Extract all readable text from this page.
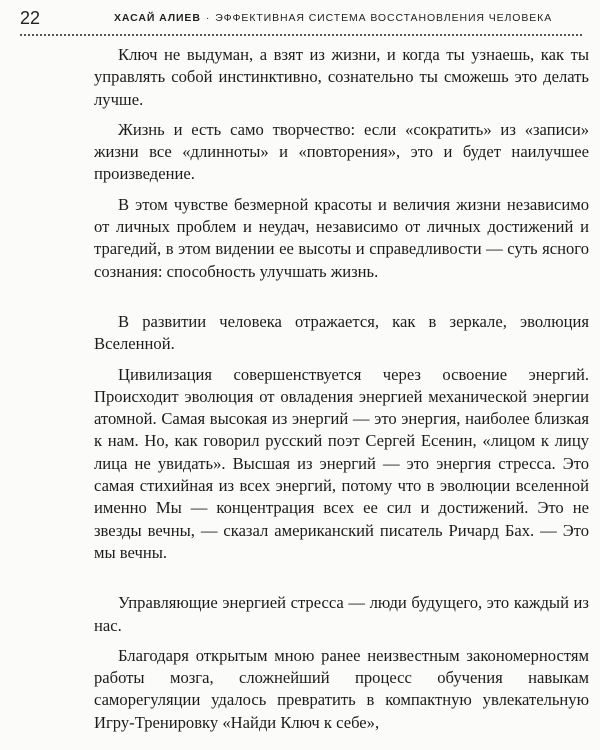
22	ХАСАЙ АЛИЕВ · ЭФФЕКТИВНАЯ СИСТЕМА ВОССТАНОВЛЕНИЯ ЧЕЛОВЕКА

Ключ не выдуман, а взят из жизни, и когда ты узнаешь, как ты управлять собой инстинктивно, сознательно ты сможешь это делать лучше.

Жизнь и есть само творчество: если «сократить» из «записи» жизни все «длинноты» и «повторения», это и будет наилучшее произведение.

В этом чувстве безмерной красоты и величия жизни независимо от личных проблем и неудач, независимо от личных достижений и трагедий, в этом видении ее высоты и справедливости — суть ясного сознания: способность улучшать жизнь.

В развитии человека отражается, как в зеркале, эволюция Вселенной.

Цивилизация совершенствуется через освоение энергий. Происходит эволюция от овладения энергией механической энергии атомной. Самая высокая из энергий — это энергия, наиболее близкая к нам. Но, как говорил русский поэт Сергей Есенин, «лицом к лицу лица не увидать». Высшая из энергий — это энергия стресса. Это самая стихийная из всех энергий, потому что в эволюции вселенной именно Мы — концентрация всех ее сил и достижений. Это не звезды вечны, — сказал американский писатель Ричард Бах. — Это мы вечны.

Управляющие энергией стресса — люди будущего, это каждый из нас.

Благодаря открытым мною ранее неизвестным закономерностям работы мозга, сложнейший процесс обучения навыкам саморегуляции удалось превратить в компактную увлекательную Игру-Тренировку «Найди Ключ к себе»,
